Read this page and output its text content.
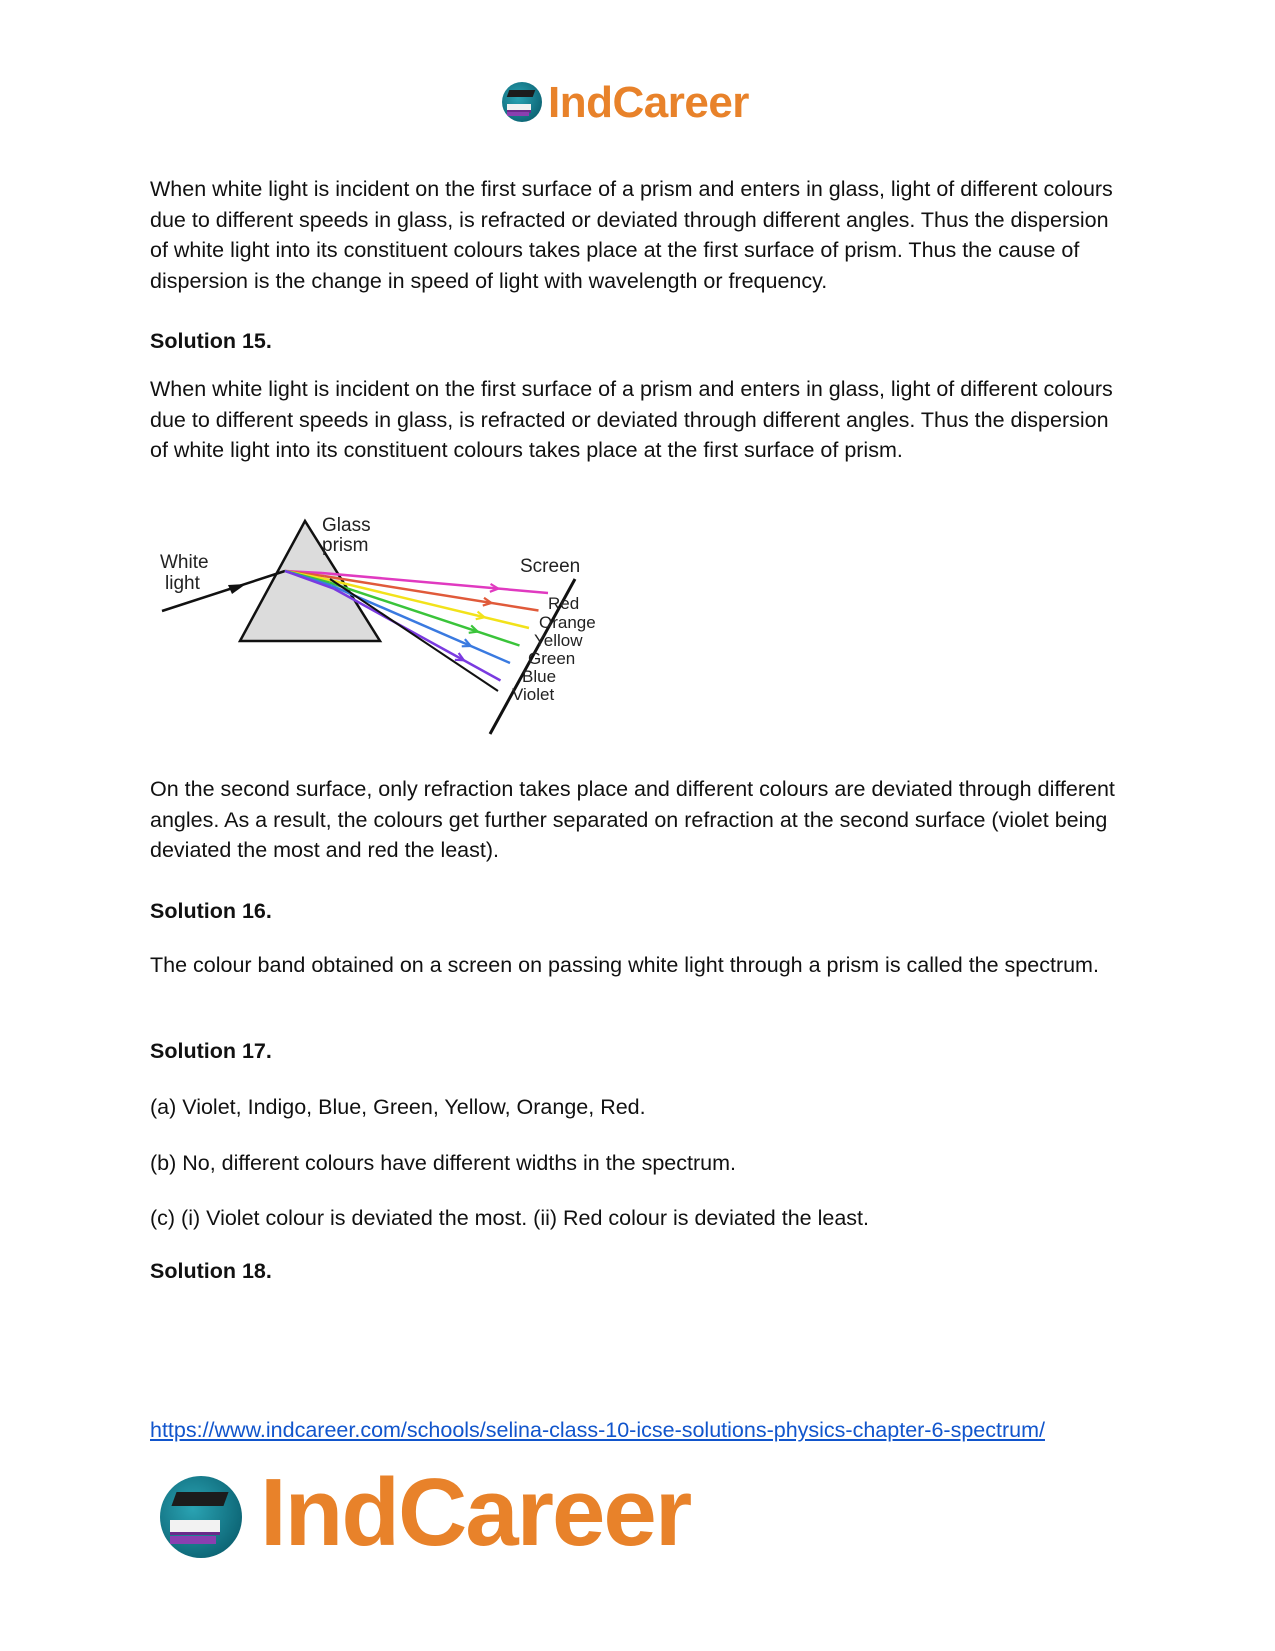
IndCareer

When white light is incident on the first surface of a prism and enters in glass, light of different colours due to different speeds in glass, is refracted or deviated through different angles. Thus the dispersion of white light into its constituent colours takes place at the first surface of prism. Thus the cause of dispersion is the change in speed of light with wavelength or frequency.

Solution 15.

When white light is incident on the first surface of a prism and enters in glass, light of different colours due to different speeds in glass, is refracted or deviated through different angles. Thus the dispersion of white light into its constituent colours takes place at the first surface of prism.

Glass
prism
White
light
Screen
Red
Orange
Yellow
Green
Blue
Violet

On the second surface, only refraction takes place and different colours are deviated through different angles. As a result, the colours get further separated on refraction at the second surface (violet being deviated the most and red the least).

Solution 16.

The colour band obtained on a screen on passing white light through a prism is called the spectrum.

Solution 17.

(a) Violet, Indigo, Blue, Green, Yellow, Orange, Red.

(b) No, different colours have different widths in the spectrum.

(c) (i) Violet colour is deviated the most. (ii) Red colour is deviated the least.

Solution 18.

https://www.indcareer.com/schools/selina-class-10-icse-solutions-physics-chapter-6-spectrum/
IndCareer
